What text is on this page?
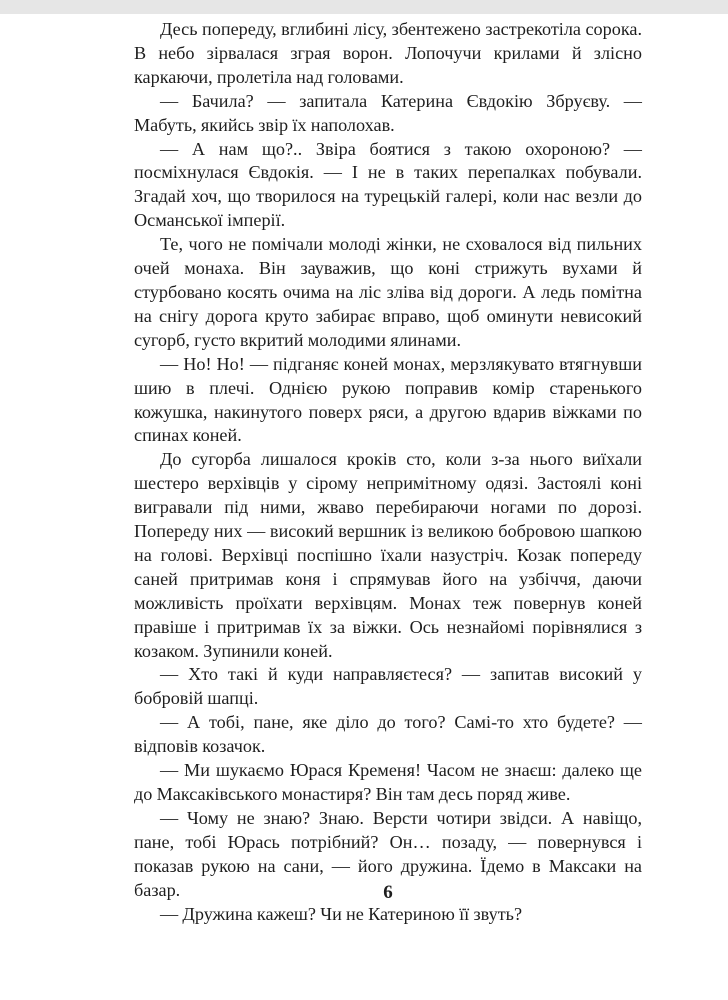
Десь попереду, вглибині лісу, збентежено застрекотіла сорока. В небо зірвалася зграя ворон. Лопочучи крилами й злісно каркаючи, пролетіла над головами.

— Бачила? — запитала Катерина Євдокію Збруєву. — Мабуть, якийсь звір їх наполохав.

— А нам що?.. Звіра боятися з такою охороною? — посміхнулася Євдокія. — І не в таких перепалках побували. Згадай хоч, що творилося на турецькій галері, коли нас везли до Османської імперії.

Те, чого не помічали молоді жінки, не сховалося від пильних очей монаха. Він зауважив, що коні стрижуть вухами й стурбовано косять очима на ліс зліва від дороги. А ледь помітна на снігу дорога круто забирає вправо, щоб оминути невисокий сугорб, густо вкритий молодими ялинами.

— Но! Но! — підганяє коней монах, мерзлякувато втягнувши шию в плечі. Однією рукою поправив комір старенького кожушка, накинутого поверх ряси, а другою вдарив віжками по спинах коней.

До сугорба лишалося кроків сто, коли з-за нього виїхали шестеро верхівців у сірому непримітному одязі. Застоялі коні вигравали під ними, жваво перебираючи ногами по дорозі. Попереду них — високий вершник із великою бобровою шапкою на голові. Верхівці поспішно їхали назустріч. Козак попереду саней притримав коня і спрямував його на узбіччя, даючи можливість проїхати верхівцям. Монах теж повернув коней правіше і притримав їх за віжки. Ось незнайомі порівнялися з козаком. Зупинили коней.

— Хто такі й куди направляєтеся? — запитав високий у бобровій шапці.

— А тобі, пане, яке діло до того? Самі-то хто будете? — відповів козачок.

— Ми шукаємо Юрася Кременя! Часом не знаєш: далеко ще до Максаківського монастиря? Він там десь поряд живе.

— Чому не знаю? Знаю. Версти чотири звідси. А навіщо, пане, тобі Юрась потрібний? Он… позаду, — повернувся і показав рукою на сани, — його дружина. Їдемо в Максаки на базар.

— Дружина кажеш? Чи не Катериною її звуть?

6
